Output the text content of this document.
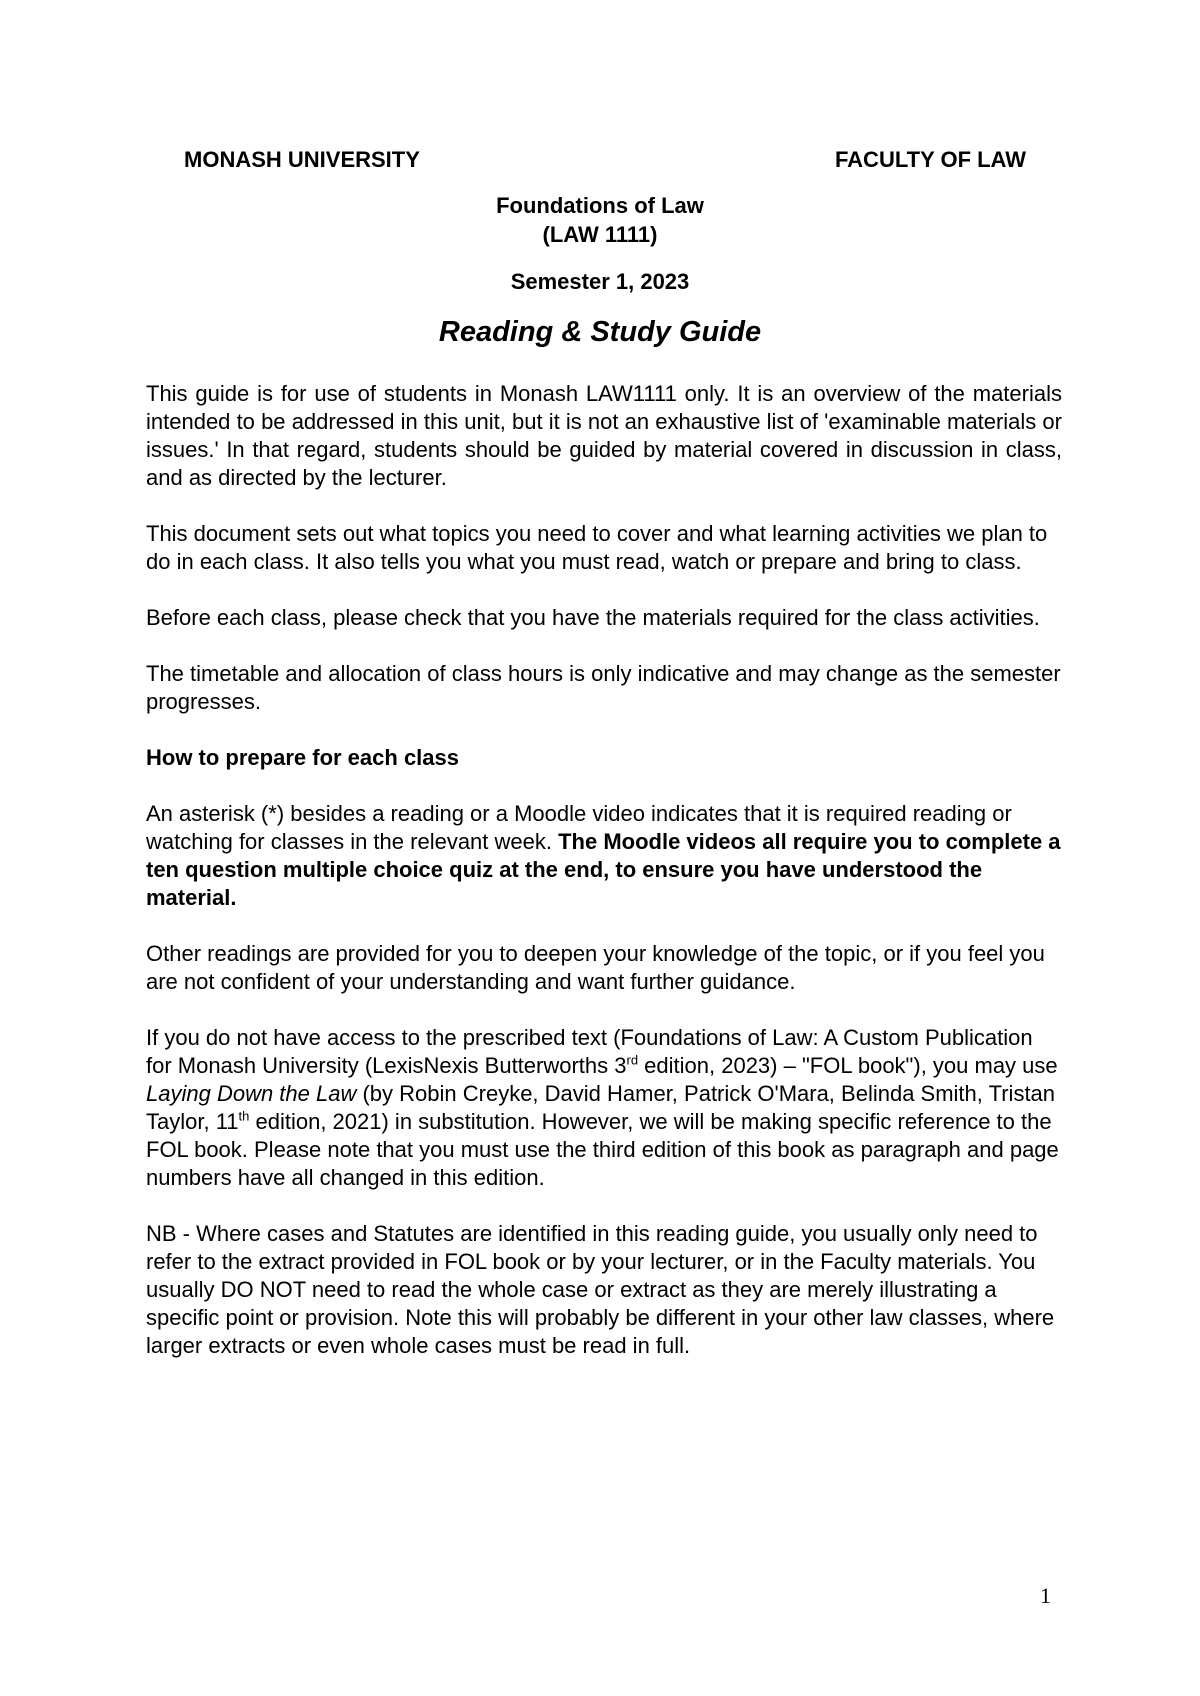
MONASH UNIVERSITY	FACULTY OF LAW
Foundations of Law
(LAW 1111)
Semester 1, 2023
Reading & Study Guide

This guide is for use of students in Monash LAW1111 only. It is an overview of the materials intended to be addressed in this unit, but it is not an exhaustive list of 'examinable materials or issues.' In that regard, students should be guided by material covered in discussion in class, and as directed by the lecturer.

This document sets out what topics you need to cover and what learning activities we plan to do in each class. It also tells you what you must read, watch or prepare and bring to class.

Before each class, please check that you have the materials required for the class activities.

The timetable and allocation of class hours is only indicative and may change as the semester progresses.

How to prepare for each class

An asterisk (*) besides a reading or a Moodle video indicates that it is required reading or watching for classes in the relevant week. The Moodle videos all require you to complete a ten question multiple choice quiz at the end, to ensure you have understood the material.

Other readings are provided for you to deepen your knowledge of the topic, or if you feel you are not confident of your understanding and want further guidance.

If you do not have access to the prescribed text (Foundations of Law: A Custom Publication for Monash University (LexisNexis Butterworths 3rd edition, 2023) – "FOL book"), you may use Laying Down the Law (by Robin Creyke, David Hamer, Patrick O'Mara, Belinda Smith, Tristan Taylor, 11th edition, 2021) in substitution. However, we will be making specific reference to the FOL book. Please note that you must use the third edition of this book as paragraph and page numbers have all changed in this edition.

NB - Where cases and Statutes are identified in this reading guide, you usually only need to refer to the extract provided in FOL book or by your lecturer, or in the Faculty materials. You usually DO NOT need to read the whole case or extract as they are merely illustrating a specific point or provision. Note this will probably be different in your other law classes, where larger extracts or even whole cases must be read in full.

1
